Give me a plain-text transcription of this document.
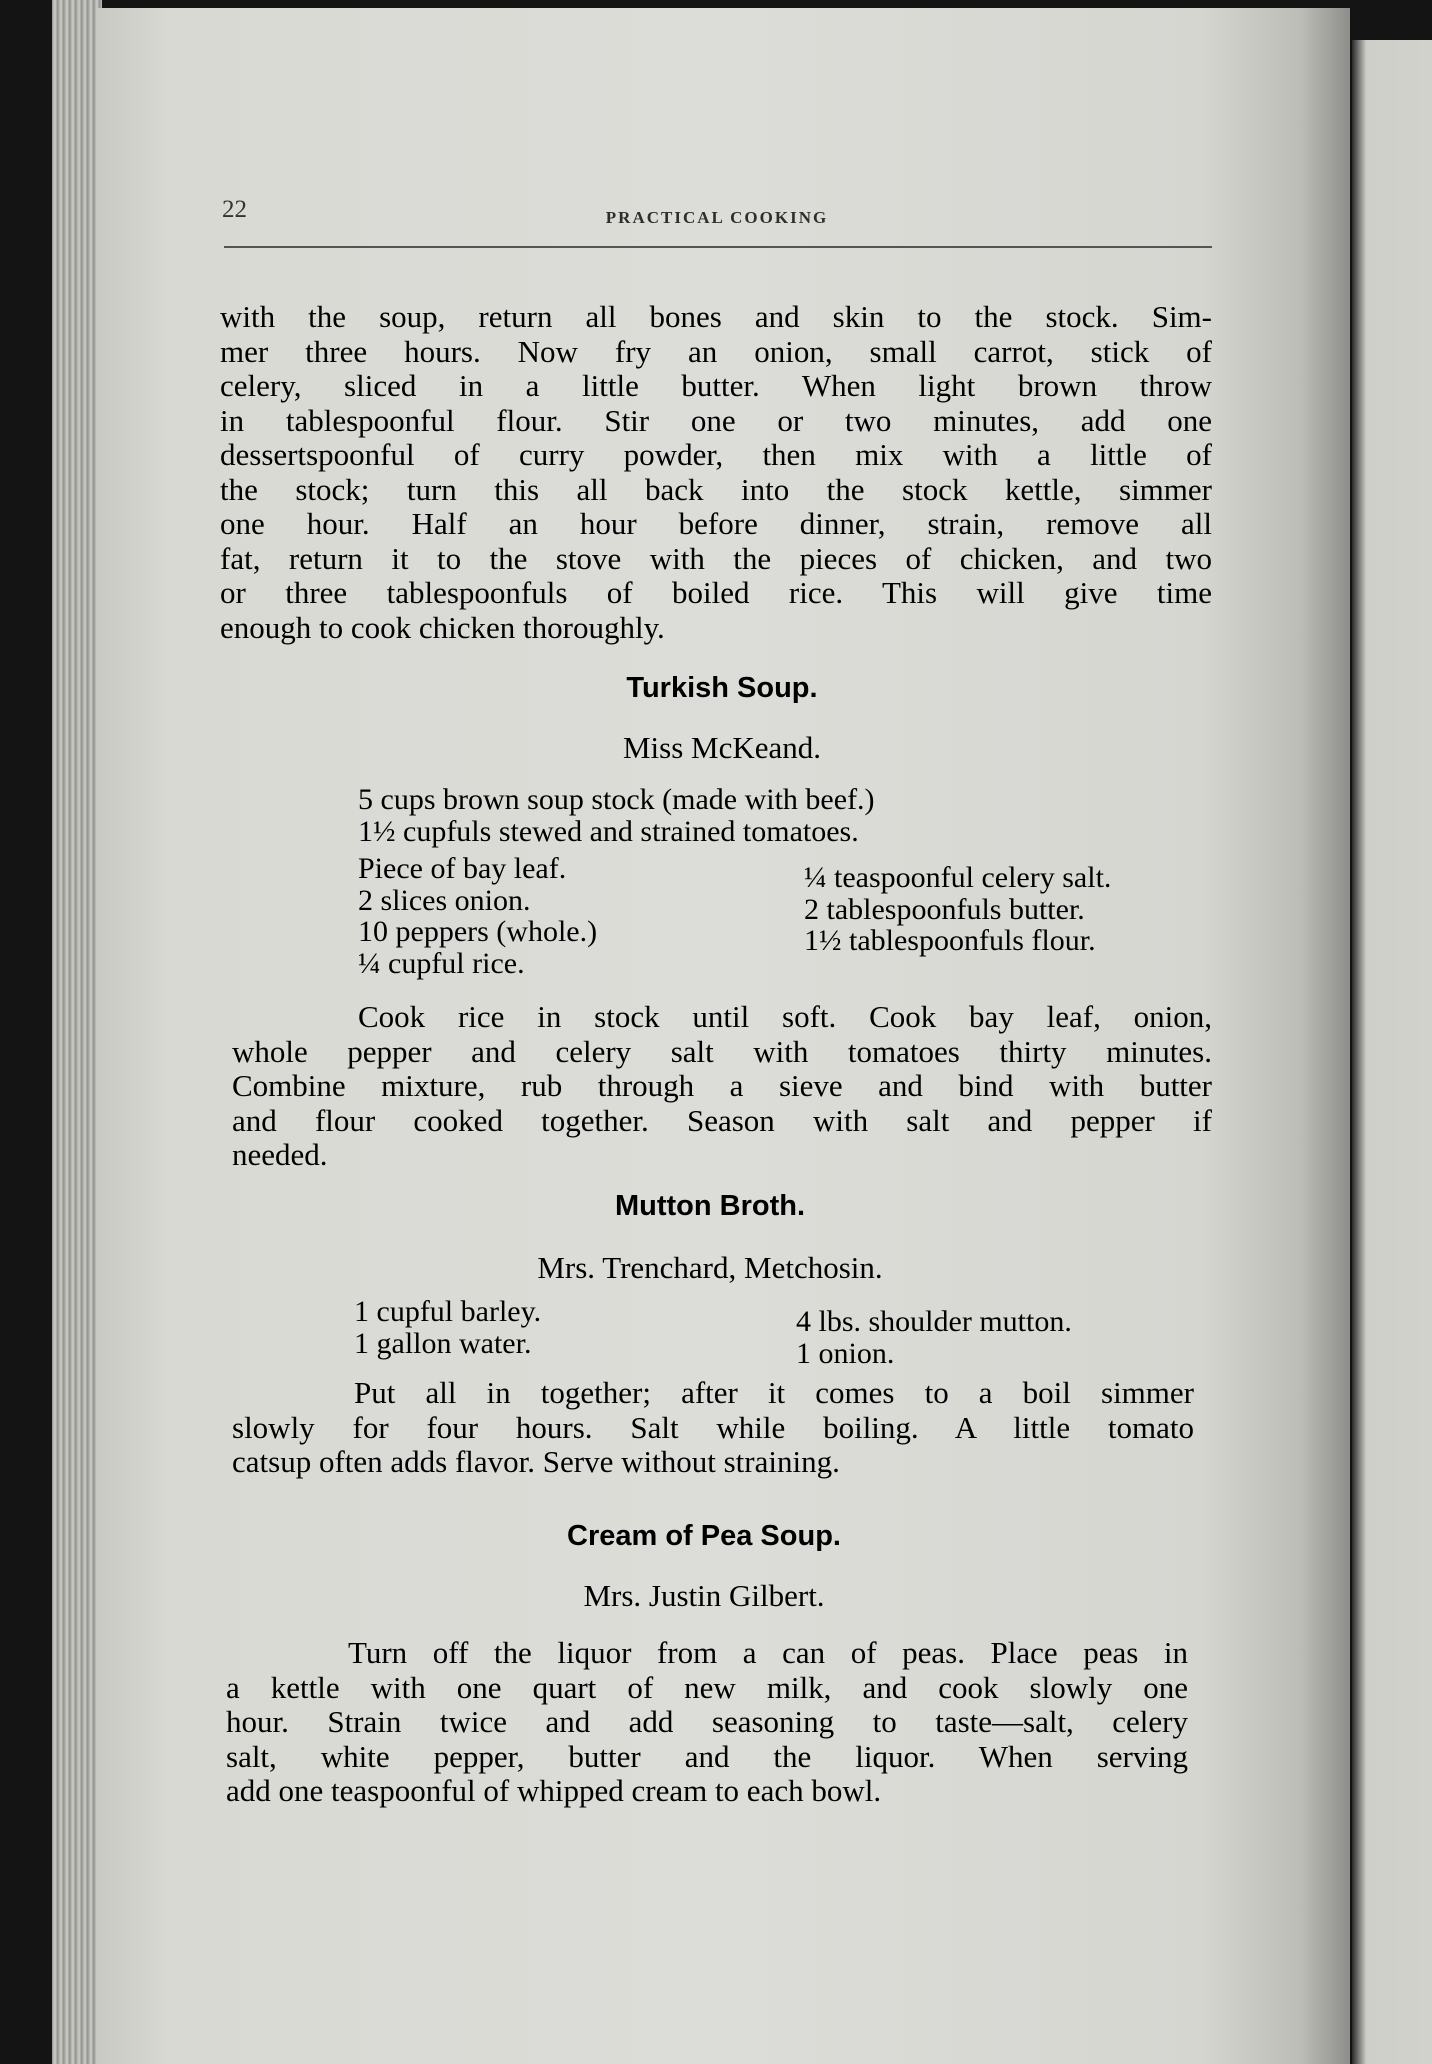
22	PRACTICAL COOKING
with the soup, return all bones and skin to the stock. Sim-
mer three hours. Now fry an onion, small carrot, stick of
celery, sliced in a little butter. When light brown throw
in tablespoonful flour. Stir one or two minutes, add one
dessertspoonful of curry powder, then mix with a little of
the stock; turn this all back into the stock kettle, simmer
one hour. Half an hour before dinner, strain, remove all
fat, return it to the stove with the pieces of chicken, and two
or three tablespoonfuls of boiled rice. This will give time
enough to cook chicken thoroughly.
Turkish Soup.

Miss McKeand.

5 cups brown soup stock (made with beef.)
1½ cupfuls stewed and strained tomatoes.
Piece of bay leaf.
2 slices onion.
10 peppers (whole.)
¼ cupful rice.
¼ teaspoonful celery salt.
2 tablespoonfuls butter.
1½ tablespoonfuls flour.
Cook rice in stock until soft. Cook bay leaf, onion,
whole pepper and celery salt with tomatoes thirty minutes.
Combine mixture, rub through a sieve and bind with butter
and flour cooked together. Season with salt and pepper if
needed.
Mutton Broth.

Mrs. Trenchard, Metchosin.

1 cupful barley.
1 gallon water.
4 lbs. shoulder mutton.
1 onion.
Put all in together; after it comes to a boil simmer
slowly for four hours. Salt while boiling. A little tomato
catsup often adds flavor. Serve without straining.
Cream of Pea Soup.

Mrs. Justin Gilbert.

Turn off the liquor from a can of peas. Place peas in
a kettle with one quart of new milk, and cook slowly one
hour. Strain twice and add seasoning to taste—salt, celery
salt, white pepper, butter and the liquor. When serving
add one teaspoonful of whipped cream to each bowl.
